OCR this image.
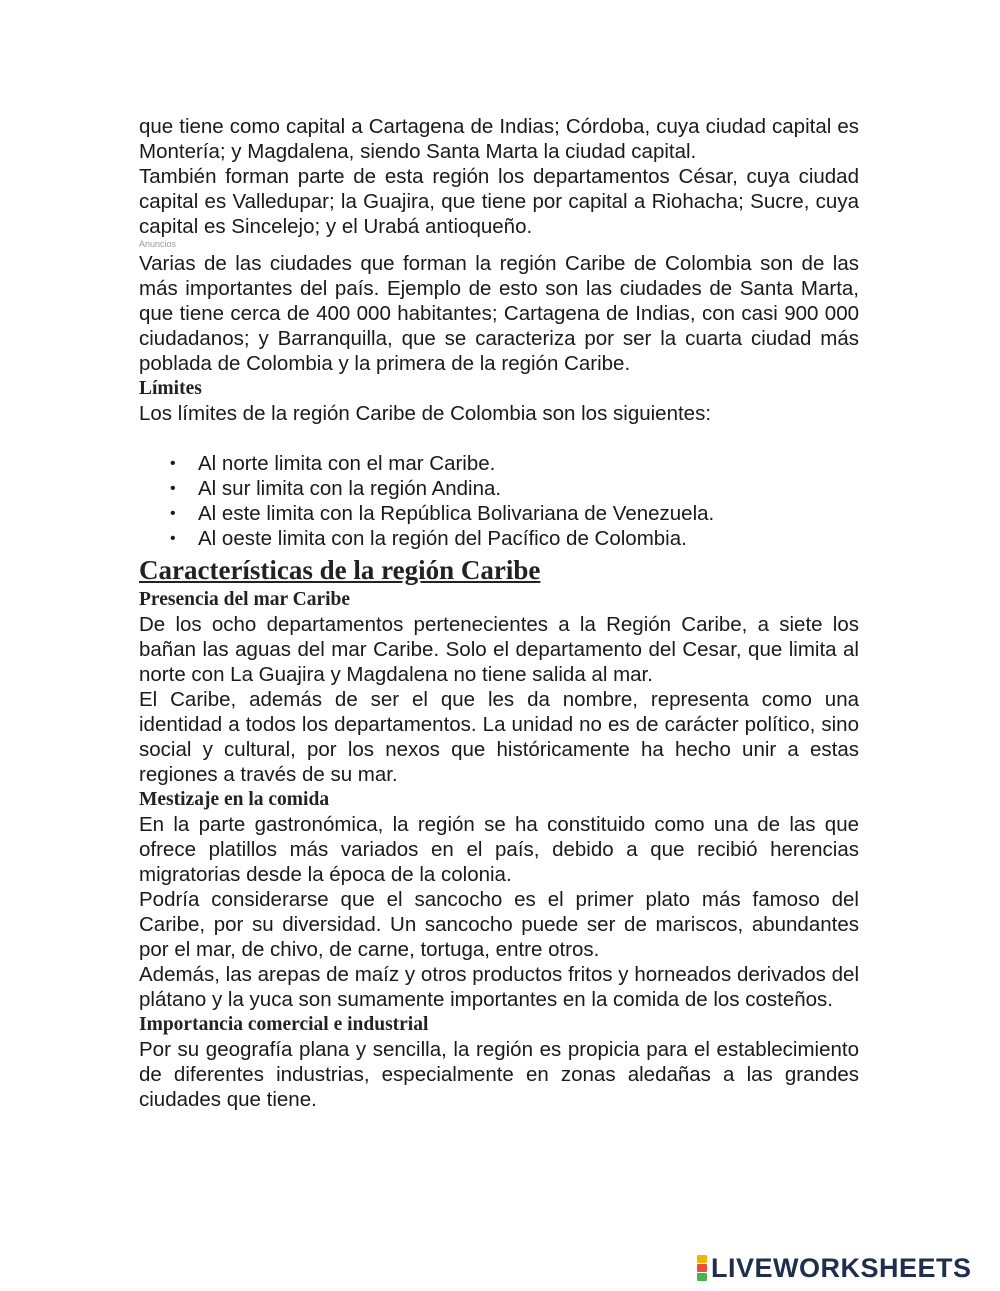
que tiene como capital a Cartagena de Indias; Córdoba, cuya ciudad capital es Montería; y Magdalena, siendo Santa Marta la ciudad capital.

También forman parte de esta región los departamentos César, cuya ciudad capital es Valledupar; la Guajira, que tiene por capital a Riohacha; Sucre, cuya capital es Sincelejo; y el Urabá antioqueño.

Anuncios

Varias de las ciudades que forman la región Caribe de Colombia son de las más importantes del país. Ejemplo de esto son las ciudades de Santa Marta, que tiene cerca de 400 000 habitantes; Cartagena de Indias, con casi 900 000 ciudadanos; y Barranquilla, que se caracteriza por ser la cuarta ciudad más poblada de Colombia y la primera de la región Caribe.

Límites

Los límites de la región Caribe de Colombia son los siguientes:

• Al norte limita con el mar Caribe.
• Al sur limita con la región Andina.
• Al este limita con la República Bolivariana de Venezuela.
• Al oeste limita con la región del Pacífico de Colombia.
Características de la región Caribe
Presencia del mar Caribe

De los ocho departamentos pertenecientes a la Región Caribe, a siete los bañan las aguas del mar Caribe. Solo el departamento del Cesar, que limita al norte con La Guajira y Magdalena no tiene salida al mar.

El Caribe, además de ser el que les da nombre, representa como una identidad a todos los departamentos. La unidad no es de carácter político, sino social y cultural, por los nexos que históricamente ha hecho unir a estas regiones a través de su mar.

Mestizaje en la comida

En la parte gastronómica, la región se ha constituido como una de las que ofrece platillos más variados en el país, debido a que recibió herencias migratorias desde la época de la colonia.

Podría considerarse que el sancocho es el primer plato más famoso del Caribe, por su diversidad. Un sancocho puede ser de mariscos, abundantes por el mar, de chivo, de carne, tortuga, entre otros.

Además, las arepas de maíz y otros productos fritos y horneados derivados del plátano y la yuca son sumamente importantes en la comida de los costeños.

Importancia comercial e industrial

Por su geografía plana y sencilla, la región es propicia para el establecimiento de diferentes industrias, especialmente en zonas aledañas a las grandes ciudades que tiene.

LIVEWORKSHEETS
